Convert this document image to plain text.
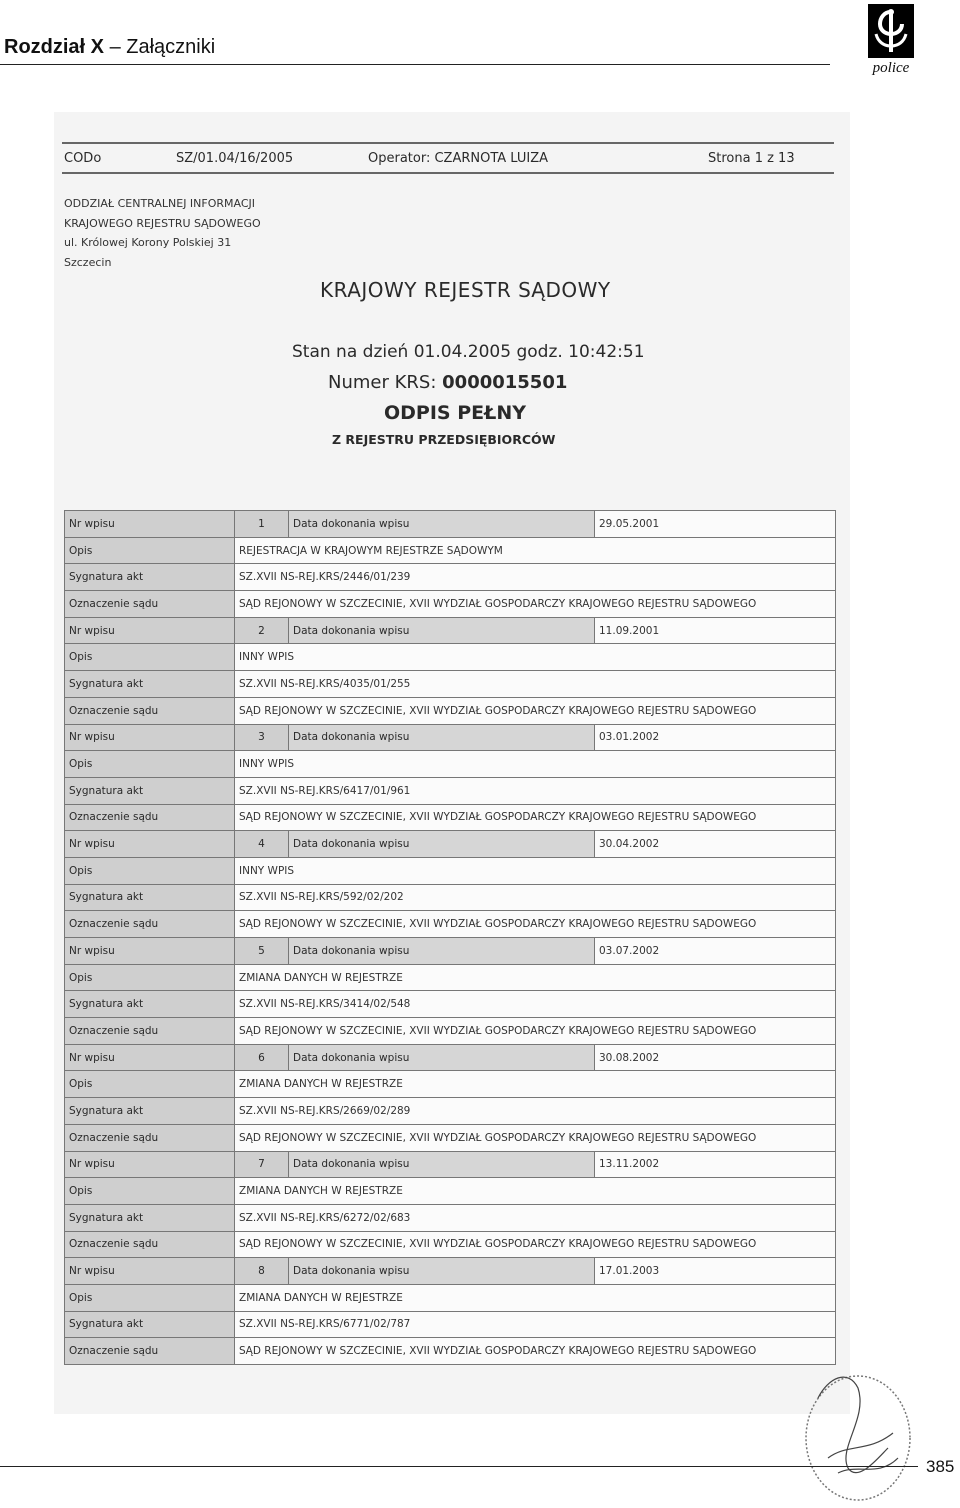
Rozdział X – Załączniki
police
CODo	SZ/01.04/16/2005	Operator: CZARNOTA LUIZA	Strona 1 z 13
ODDZIAŁ CENTRALNEJ INFORMACJI
KRAJOWEGO REJESTRU SĄDOWEGO
ul. Królowej Korony Polskiej 31
Szczecin
KRAJOWY REJESTR SĄDOWY
Stan na dzień 01.04.2005 godz. 10:42:51
Numer KRS: 0000015501
ODPIS PEŁNY
Z REJESTRU PRZEDSIĘBIORCÓW
Nr wpisu	1	Data dokonania wpisu	29.05.2001
Opis	REJESTRACJA W KRAJOWYM REJESTRZE SĄDOWYM		
Sygnatura akt	SZ.XVII NS-REJ.KRS/2446/01/239		
Oznaczenie sądu	SĄD REJONOWY W SZCZECINIE, XVII WYDZIAŁ GOSPODARCZY KRAJOWEGO REJESTRU SĄDOWEGO		
Nr wpisu	2	Data dokonania wpisu	11.09.2001
Opis	INNY WPIS		
Sygnatura akt	SZ.XVII NS-REJ.KRS/4035/01/255		
Oznaczenie sądu	SĄD REJONOWY W SZCZECINIE, XVII WYDZIAŁ GOSPODARCZY KRAJOWEGO REJESTRU SĄDOWEGO		
Nr wpisu	3	Data dokonania wpisu	03.01.2002
Opis	INNY WPIS		
Sygnatura akt	SZ.XVII NS-REJ.KRS/6417/01/961		
Oznaczenie sądu	SĄD REJONOWY W SZCZECINIE, XVII WYDZIAŁ GOSPODARCZY KRAJOWEGO REJESTRU SĄDOWEGO		
Nr wpisu	4	Data dokonania wpisu	30.04.2002
Opis	INNY WPIS		
Sygnatura akt	SZ.XVII NS-REJ.KRS/592/02/202		
Oznaczenie sądu	SĄD REJONOWY W SZCZECINIE, XVII WYDZIAŁ GOSPODARCZY KRAJOWEGO REJESTRU SĄDOWEGO		
Nr wpisu	5	Data dokonania wpisu	03.07.2002
Opis	ZMIANA DANYCH W REJESTRZE		
Sygnatura akt	SZ.XVII NS-REJ.KRS/3414/02/548		
Oznaczenie sądu	SĄD REJONOWY W SZCZECINIE, XVII WYDZIAŁ GOSPODARCZY KRAJOWEGO REJESTRU SĄDOWEGO		
Nr wpisu	6	Data dokonania wpisu	30.08.2002
Opis	ZMIANA DANYCH W REJESTRZE		
Sygnatura akt	SZ.XVII NS-REJ.KRS/2669/02/289		
Oznaczenie sądu	SĄD REJONOWY W SZCZECINIE, XVII WYDZIAŁ GOSPODARCZY KRAJOWEGO REJESTRU SĄDOWEGO		
Nr wpisu	7	Data dokonania wpisu	13.11.2002
Opis	ZMIANA DANYCH W REJESTRZE		
Sygnatura akt	SZ.XVII NS-REJ.KRS/6272/02/683		
Oznaczenie sądu	SĄD REJONOWY W SZCZECINIE, XVII WYDZIAŁ GOSPODARCZY KRAJOWEGO REJESTRU SĄDOWEGO		
Nr wpisu	8	Data dokonania wpisu	17.01.2003
Opis	ZMIANA DANYCH W REJESTRZE		
Sygnatura akt	SZ.XVII NS-REJ.KRS/6771/02/787		
Oznaczenie sądu	SĄD REJONOWY W SZCZECINIE, XVII WYDZIAŁ GOSPODARCZY KRAJOWEGO REJESTRU SĄDOWEGO		
385
